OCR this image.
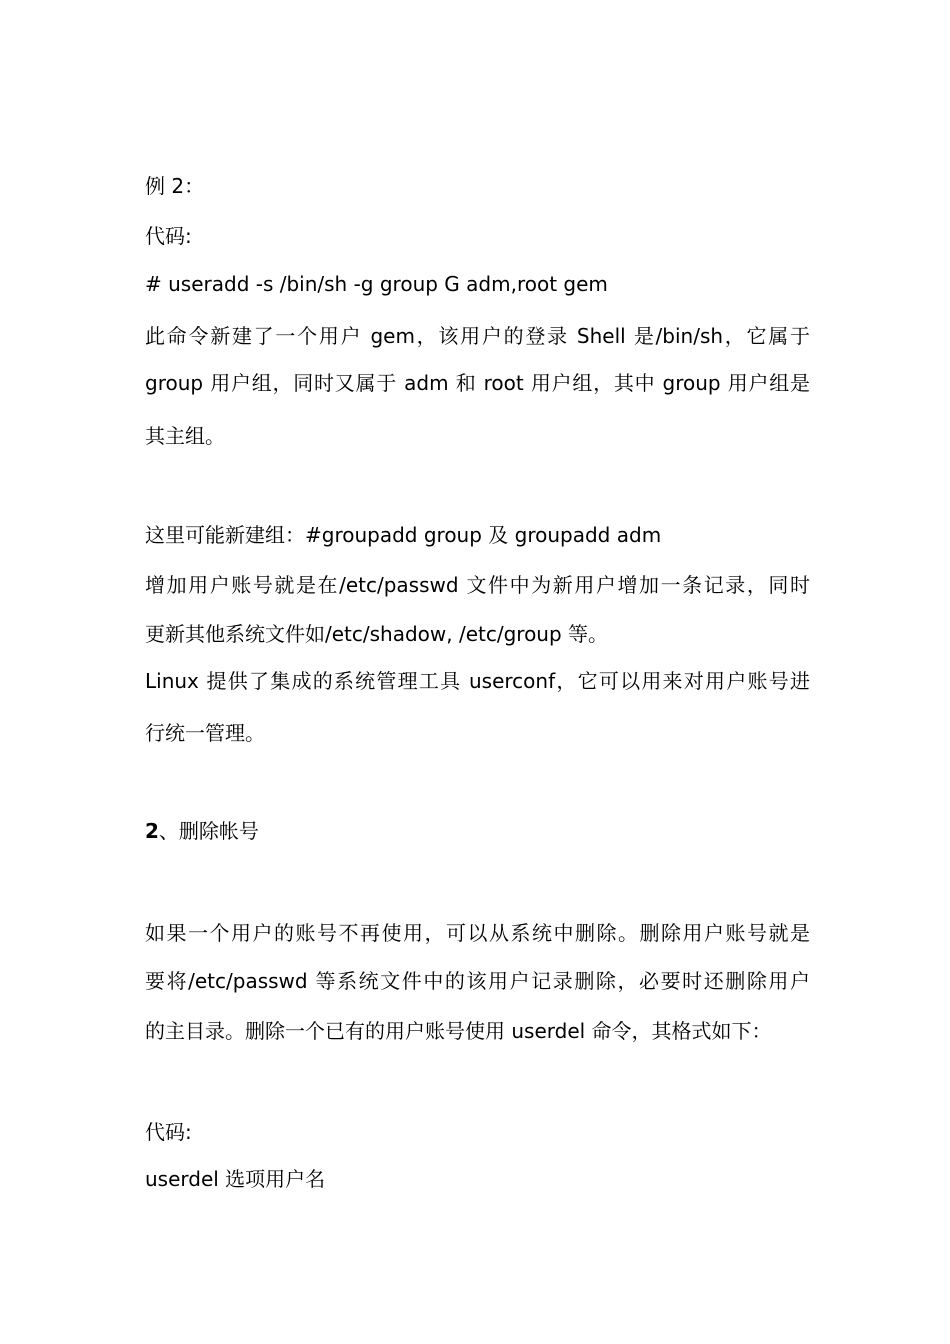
例 2：
代码:
# useradd -s /bin/sh -g group G adm,root gem
此命令新建了一个用户 gem，该用户的登录 Shell 是/bin/sh，它属于
group 用户组，同时又属于 adm 和 root 用户组，其中 group 用户组是
其主组。
这里可能新建组：#groupadd group 及 groupadd adm
增加用户账号就是在/etc/passwd 文件中为新用户增加一条记录，同时
更新其他系统文件如/etc/shadow, /etc/group 等。
Linux 提供了集成的系统管理工具 userconf，它可以用来对用户账号进
行统一管理。
2、删除帐号
如果一个用户的账号不再使用，可以从系统中删除。删除用户账号就是
要将/etc/passwd 等系统文件中的该用户记录删除，必要时还删除用户
的主目录。删除一个已有的用户账号使用 userdel 命令，其格式如下：
代码:
userdel 选项用户名
